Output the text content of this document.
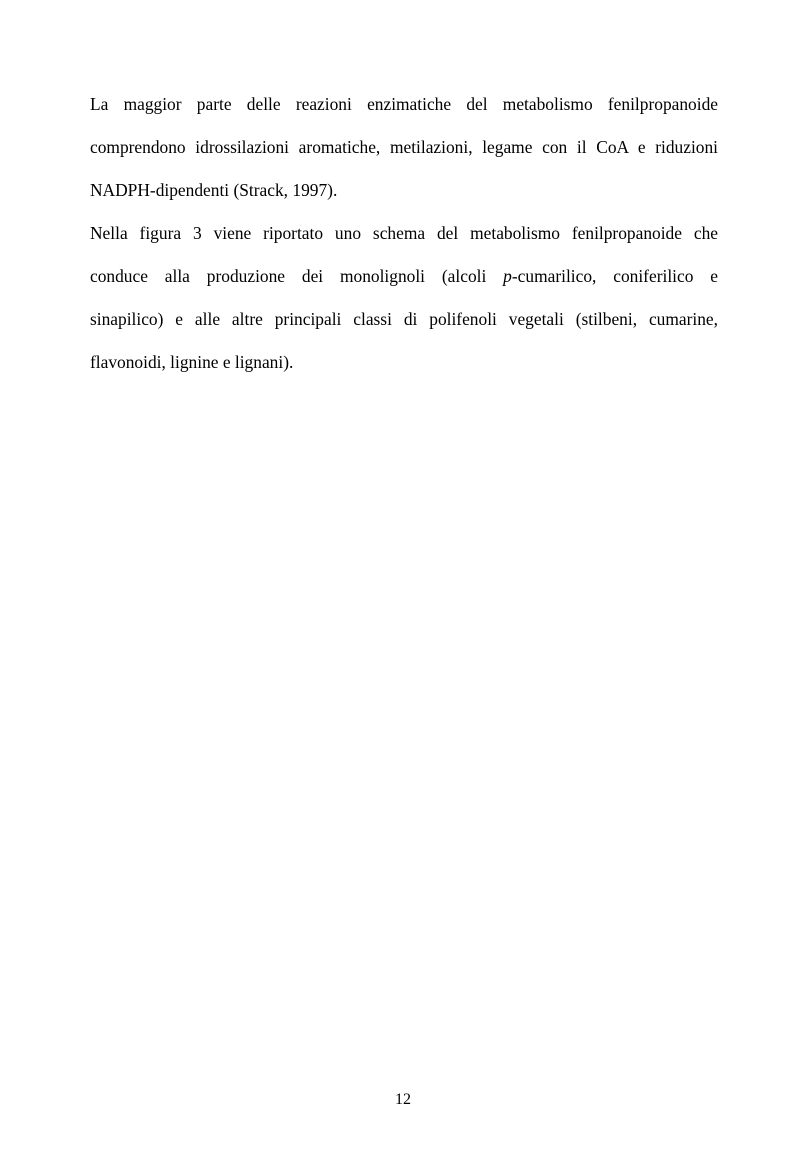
La maggior parte delle reazioni enzimatiche del metabolismo fenilpropanoide
comprendono idrossilazioni aromatiche, metilazioni, legame con il CoA e riduzioni
NADPH-dipendenti (Strack, 1997).
Nella figura 3 viene riportato uno schema del metabolismo fenilpropanoide che
conduce alla produzione dei monolignoli (alcoli p-cumarilico, coniferilico e
sinapilico) e alle altre principali classi di polifenoli vegetali (stilbeni, cumarine,
flavonoidi, lignine e lignani).
12
